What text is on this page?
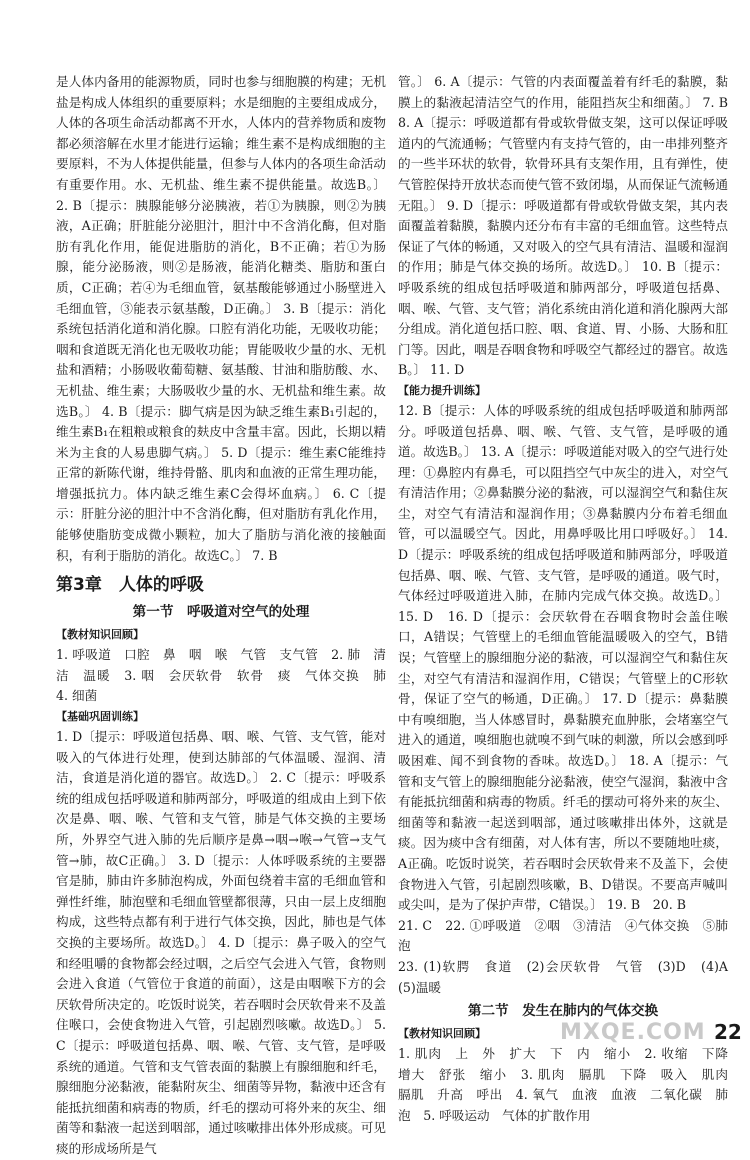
是人体内备用的能源物质，同时也参与细胞膜的构建；无机盐是构成人体组织的重要原料；水是细胞的主要组成成分，人体的各项生命活动都离不开水，人体内的营养物质和废物都必须溶解在水里才能进行运输；维生素不是构成细胞的主要原料，不为人体提供能量，但参与人体内的各项生命活动有重要作用。水、无机盐、维生素不提供能量。故选B。〕 2. B〔提示：胰腺能够分泌胰液，若①为胰腺，则②为胰液，A正确；肝脏能分泌胆汁，胆汁中不含消化酶，但对脂肪有乳化作用，能促进脂肪的消化，B不正确；若①为肠腺，能分泌肠液，则②是肠液，能消化糖类、脂肪和蛋白质，C正确；若④为毛细血管，氨基酸能够通过小肠壁进入毛细血管，③能表示氨基酸，D正确。〕 3. B〔提示：消化系统包括消化道和消化腺。口腔有消化功能，无吸收功能；咽和食道既无消化也无吸收功能；胃能吸收少量的水、无机盐和酒精；小肠吸收葡萄糖、氨基酸、甘油和脂肪酸、水、无机盐、维生素；大肠吸收少量的水、无机盐和维生素。故选B。〕 4. B〔提示：脚气病是因为缺乏维生素B₁引起的，维生素B₁在粗粮或粮食的麸皮中含量丰富。因此，长期以精米为主食的人易患脚气病。〕 5. D〔提示：维生素C能维持正常的新陈代谢，维持骨骼、肌肉和血液的正常生理功能，增强抵抗力。体内缺乏维生素C会得坏血病。〕 6. C〔提示：肝脏分泌的胆汁中不含消化酶，但对脂肪有乳化作用，能够使脂肪变成微小颗粒，加大了脂肪与消化液的接触面积，有利于脂肪的消化。故选C。〕 7. B

第3章　人体的呼吸
第一节　呼吸道对空气的处理
【教材知识回顾】

1. 呼吸道　口腔　鼻　咽　喉　气管　支气管　2. 肺　清洁　温暖　3. 咽　会厌软骨　软骨　痰　气体交换　肺　4. 细菌

【基础巩固训练】

1. D〔提示：呼吸道包括鼻、咽、喉、气管、支气管，能对吸入的气体进行处理，使到达肺部的气体温暖、湿润、清洁，食道是消化道的器官。故选D。〕 2. C〔提示：呼吸系统的组成包括呼吸道和肺两部分，呼吸道的组成由上到下依次是鼻、咽、喉、气管和支气管，肺是气体交换的主要场所，外界空气进入肺的先后顺序是鼻→咽→喉→气管→支气管→肺，故C正确。〕 3. D〔提示：人体呼吸系统的主要器官是肺，肺由许多肺泡构成，外面包绕着丰富的毛细血管和弹性纤维，肺泡壁和毛细血管壁都很薄，只由一层上皮细胞构成，这些特点都有利于进行气体交换，因此，肺也是气体交换的主要场所。故选D。〕 4. D〔提示：鼻子吸入的空气和经咀嚼的食物都会经过咽，之后空气会进入气管，食物则会进入食道（气管位于食道的前面），这是由咽喉下方的会厌软骨所决定的。吃饭时说笑，若吞咽时会厌软骨来不及盖住喉口，会使食物进入气管，引起剧烈咳嗽。故选D。〕 5. C〔提示：呼吸道包括鼻、咽、喉、气管、支气管，是呼吸系统的通道。气管和支气管表面的黏膜上有腺细胞和纤毛，腺细胞分泌黏液，能黏附灰尘、细菌等异物，黏液中还含有能抵抗细菌和病毒的物质，纤毛的摆动可将外来的灰尘、细菌等和黏液一起送到咽部，通过咳嗽排出体外形成痰。可见痰的形成场所是气

管。〕 6. A〔提示：气管的内表面覆盖着有纤毛的黏膜，黏膜上的黏液起清洁空气的作用，能阻挡灰尘和细菌。〕 7. B　8. A〔提示：呼吸道都有骨或软骨做支架，这可以保证呼吸道内的气流通畅；气管壁内有支持气管的，由一串排列整齐的一些半环状的软骨，软骨环具有支架作用，且有弹性，使气管腔保持开放状态而使气管不致闭塌，从而保证气流畅通无阻。〕 9. D〔提示：呼吸道都有骨或软骨做支架，其内表面覆盖着黏膜，黏膜内还分布有丰富的毛细血管。这些特点保证了气体的畅通，又对吸入的空气具有清洁、温暖和湿润的作用；肺是气体交换的场所。故选D。〕 10. B〔提示：呼吸系统的组成包括呼吸道和肺两部分，呼吸道包括鼻、咽、喉、气管、支气管；消化系统由消化道和消化腺两大部分组成。消化道包括口腔、咽、食道、胃、小肠、大肠和肛门等。因此，咽是吞咽食物和呼吸空气都经过的器官。故选B。〕 11. D

【能力提升训练】

12. B〔提示：人体的呼吸系统的组成包括呼吸道和肺两部分。呼吸道包括鼻、咽、喉、气管、支气管，是呼吸的通道。故选B。〕 13. A〔提示：呼吸道能对吸入的空气进行处理：①鼻腔内有鼻毛，可以阻挡空气中灰尘的进入，对空气有清洁作用；②鼻黏膜分泌的黏液，可以湿润空气和黏住灰尘，对空气有清洁和湿润作用；③鼻黏膜内分布着毛细血管，可以温暖空气。因此，用鼻呼吸比用口呼吸好。〕 14. D〔提示：呼吸系统的组成包括呼吸道和肺两部分，呼吸道包括鼻、咽、喉、气管、支气管，是呼吸的通道。吸气时，气体经过呼吸道进入肺，在肺内完成气体交换。故选D。〕 15. D　16. D〔提示：会厌软骨在吞咽食物时会盖住喉口，A错误；气管壁上的毛细血管能温暖吸入的空气，B错误；气管壁上的腺细胞分泌的黏液，可以湿润空气和黏住灰尘，对空气有清洁和湿润作用，C错误；气管壁上的C形软骨，保证了空气的畅通，D正确。〕 17. D〔提示：鼻黏膜中有嗅细胞，当人体感冒时，鼻黏膜充血肿胀，会堵塞空气进入的通道，嗅细胞也就嗅不到气味的刺激，所以会感到呼吸困难、闻不到食物的香味。故选D。〕 18. A〔提示：气管和支气管上的腺细胞能分泌黏液，使空气湿润，黏液中含有能抵抗细菌和病毒的物质。纤毛的摆动可将外来的灰尘、细菌等和黏液一起送到咽部，通过咳嗽排出体外，这就是痰。因为痰中含有细菌，对人体有害，所以不要随地吐痰，A正确。吃饭时说笑，若吞咽时会厌软骨来不及盖下，会使食物进入气管，引起剧烈咳嗽，B、D错误。不要高声喊叫或尖叫，是为了保护声带，C错误。〕 19. B　20. B

21. C　22. ①呼吸道　②咽　③清洁　④气体交换　⑤肺泡

23. (1)软腭　食道　(2)会厌软骨　气管　(3)D　(4)A　(5)温暖

第二节　发生在肺内的气体交换
【教材知识回顾】

1. 肌肉　上　外　扩大　下　内　缩小　2. 收缩　下降　增大　舒张　缩小　3. 肌肉　膈肌　下降　吸入　肌肉　膈肌　升高　呼出　4. 氧气　血液　血液　二氧化碳　肺泡　5. 呼吸运动　气体的扩散作用

MXQE.COM 22
